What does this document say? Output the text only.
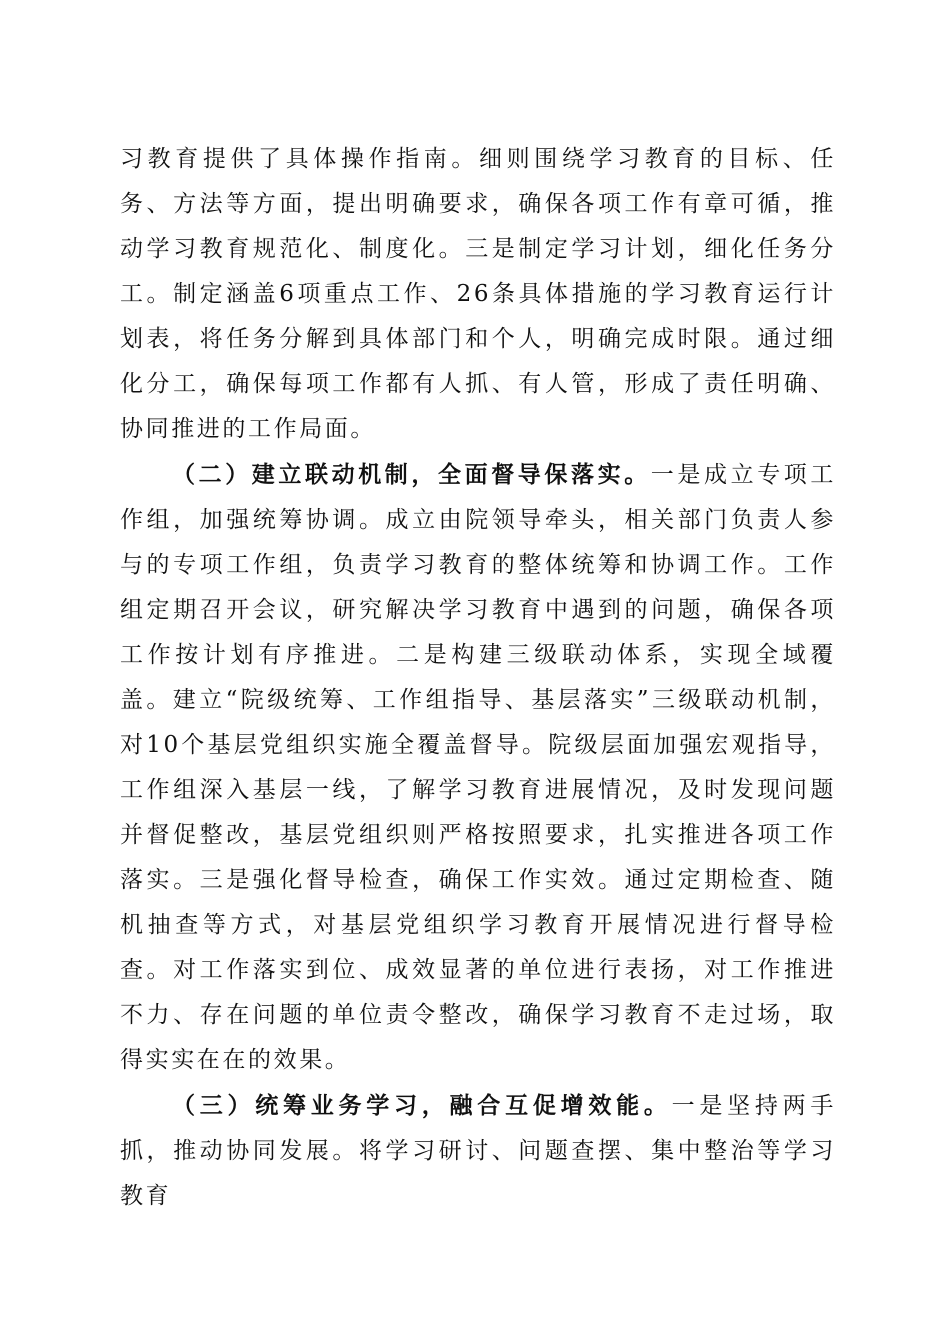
习教育提供了具体操作指南。细则围绕学习教育的目标、任务、方法等方面，提出明确要求，确保各项工作有章可循，推动学习教育规范化、制度化。三是制定学习计划，细化任务分工。制定涵盖6项重点工作、26条具体措施的学习教育运行计划表，将任务分解到具体部门和个人，明确完成时限。通过细化分工，确保每项工作都有人抓、有人管，形成了责任明确、协同推进的工作局面。

（二）建立联动机制，全面督导保落实。一是成立专项工作组，加强统筹协调。成立由院领导牵头，相关部门负责人参与的专项工作组，负责学习教育的整体统筹和协调工作。工作组定期召开会议，研究解决学习教育中遇到的问题，确保各项工作按计划有序推进。二是构建三级联动体系，实现全域覆盖。建立“院级统筹、工作组指导、基层落实”三级联动机制，对10个基层党组织实施全覆盖督导。院级层面加强宏观指导，工作组深入基层一线，了解学习教育进展情况，及时发现问题并督促整改，基层党组织则严格按照要求，扎实推进各项工作落实。三是强化督导检查，确保工作实效。通过定期检查、随机抽查等方式，对基层党组织学习教育开展情况进行督导检查。对工作落实到位、成效显著的单位进行表扬，对工作推进不力、存在问题的单位责令整改，确保学习教育不走过场，取得实实在在的效果。

（三）统筹业务学习，融合互促增效能。一是坚持两手抓，推动协同发展。将学习研讨、问题查摆、集中整治等学习教育
